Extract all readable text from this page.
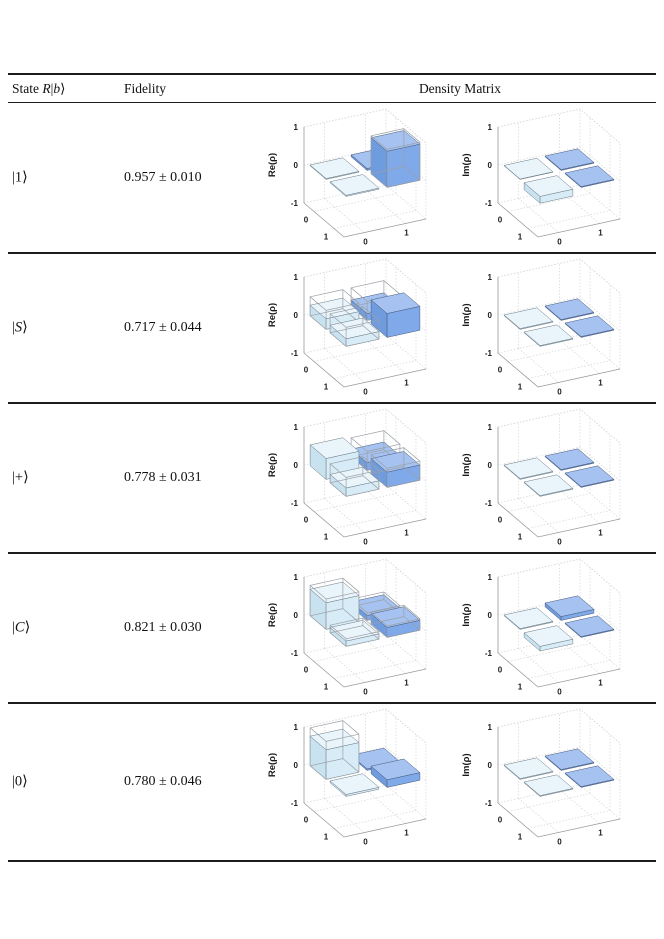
State R|b⟩	Fidelity	Density Matrix
|1⟩	0.957 ± 0.010
1
0
-1
0
1
0
1
Re(ρ)
1
0
-1
0
1
0
1
Im(ρ)
|S⟩	0.717 ± 0.044
1
0
-1
0
1
0
1
Re(ρ)
1
0
-1
0
1
0
1
Im(ρ)
|+⟩	0.778 ± 0.031
1
0
-1
0
1
0
1
Re(ρ)
1
0
-1
0
1
0
1
Im(ρ)
|C⟩	0.821 ± 0.030
1
0
-1
0
1
0
1
Re(ρ)
1
0
-1
0
1
0
1
Im(ρ)
|0⟩	0.780 ± 0.046
1
0
-1
0
1
0
1
Re(ρ)
1
0
-1
0
1
0
1
Im(ρ)
